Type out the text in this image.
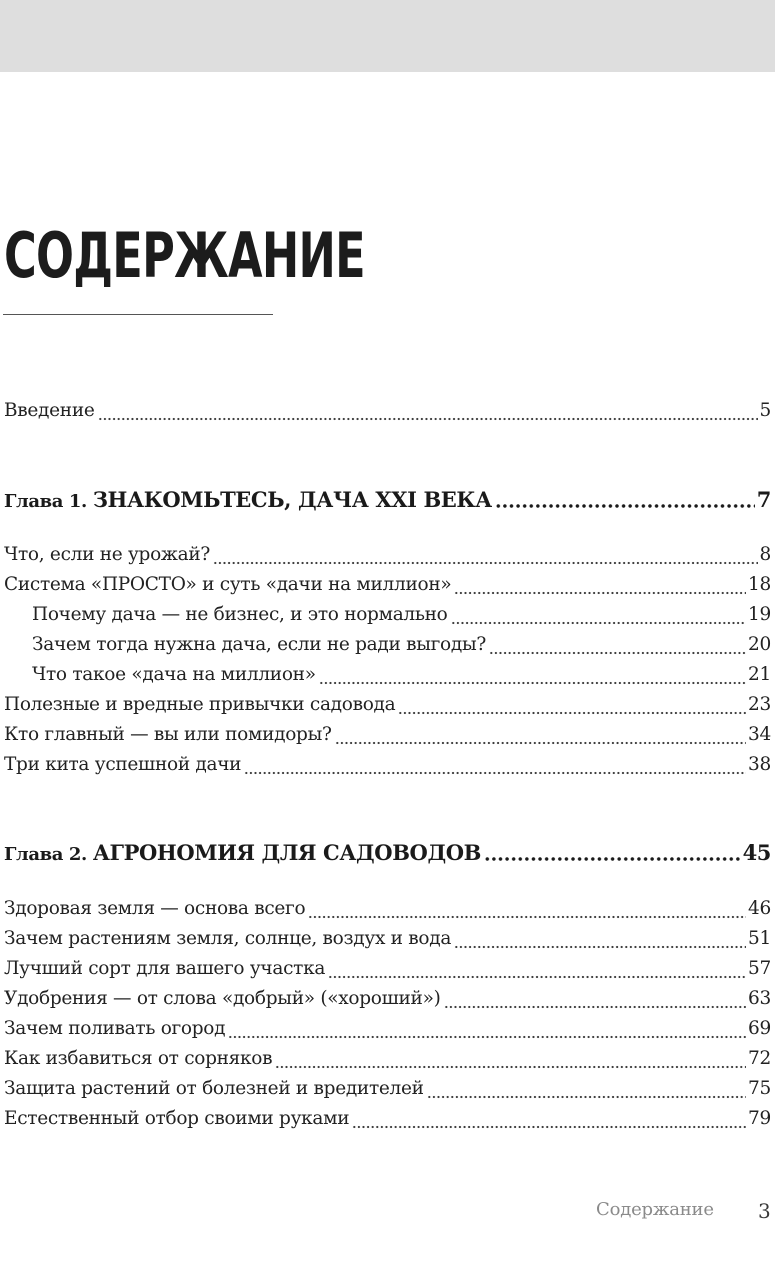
СОДЕРЖАНИЕ
Введение	5
Глава 1. ЗНАКОМЬТЕСЬ, ДАЧА XXI ВЕКА	7
Что, если не урожай?	8
Система «ПРОСТО» и суть «дачи на миллион»	18
Почему дача — не бизнес, и это нормально	19
Зачем тогда нужна дача, если не ради выгоды?	20
Что такое «дача на миллион»	21
Полезные и вредные привычки садовода	23
Кто главный — вы или помидоры?	34
Три кита успешной дачи	38
Глава 2. АГРОНОМИЯ ДЛЯ САДОВОДОВ	45
Здоровая земля — основа всего	46
Зачем растениям земля, солнце, воздух и вода	51
Лучший сорт для вашего участка	57
Удобрения — от слова «добрый» («хороший»)	63
Зачем поливать огород	69
Как избавиться от сорняков	72
Защита растений от болезней и вредителей	75
Естественный отбор своими руками	79
Содержание 3
